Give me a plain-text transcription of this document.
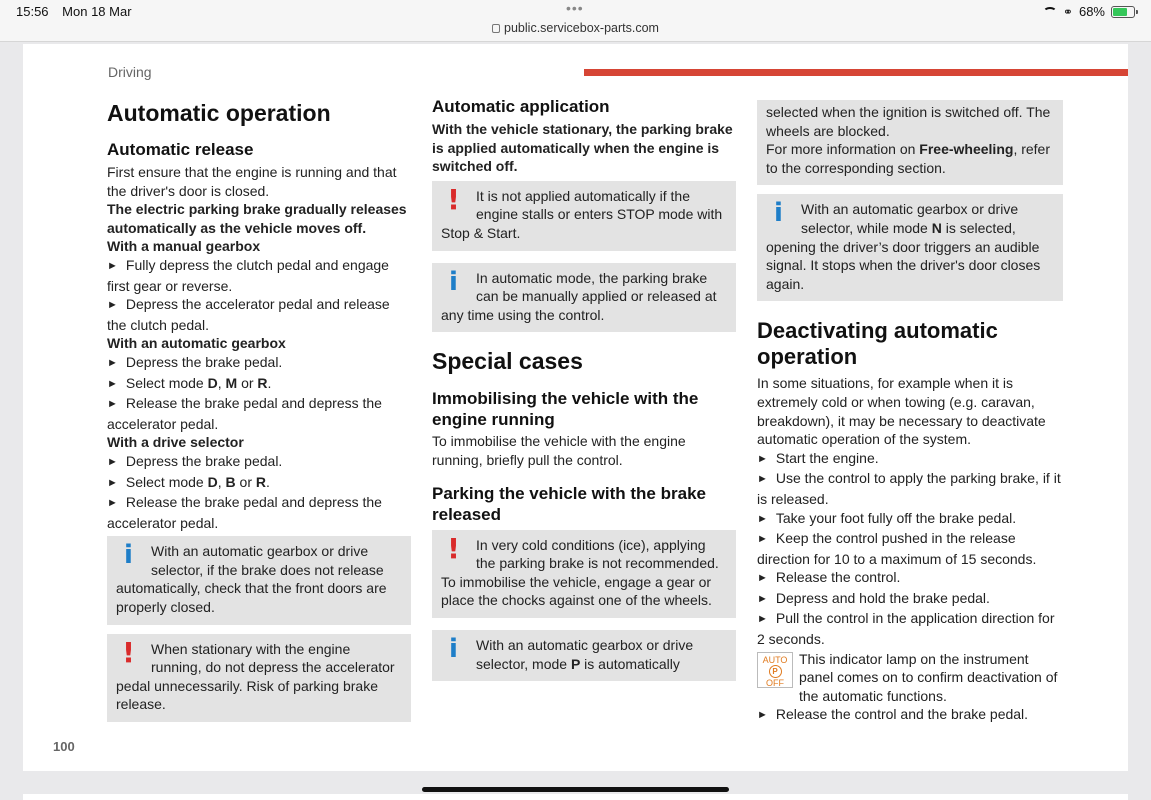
15:56 Mon 18 Mar	•••
public.servicebox-parts.com
⚭ 68%
Driving
Automatic operation
Automatic release
First ensure that the engine is running and that the driver's door is closed.
The electric parking brake gradually releases automatically as the vehicle moves off.
With a manual gearbox
► Fully depress the clutch pedal and engage first gear or reverse.
► Depress the accelerator pedal and release the clutch pedal.
With an automatic gearbox
► Depress the brake pedal.
► Select mode D, M or R.
► Release the brake pedal and depress the accelerator pedal.
With a drive selector
► Depress the brake pedal.
► Select mode D, B or R.
► Release the brake pedal and depress the accelerator pedal.
i
With an automatic gearbox or drive selector, if the brake does not release automatically, check that the front doors are properly closed.
!
When stationary with the engine running, do not depress the accelerator pedal unnecessarily. Risk of parking brake release.
Automatic application
With the vehicle stationary, the parking brake is applied automatically when the engine is switched off.
!
It is not applied automatically if the engine stalls or enters STOP mode with Stop & Start.
i
In automatic mode, the parking brake can be manually applied or released at any time using the control.
Special cases
Immobilising the vehicle with the engine running
To immobilise the vehicle with the engine running, briefly pull the control.
Parking the vehicle with the brake released
!
In very cold conditions (ice), applying the parking brake is not recommended.
To immobilise the vehicle, engage a gear or place the chocks against one of the wheels.
i
With an automatic gearbox or drive selector, mode P is automatically
selected when the ignition is switched off. The wheels are blocked.
For more information on Free-wheeling, refer to the corresponding section.
i
With an automatic gearbox or drive selector, while mode N is selected, opening the driver’s door triggers an audible signal. It stops when the driver's door closes again.
Deactivating automatic operation
In some situations, for example when it is extremely cold or when towing (e.g. caravan, breakdown), it may be necessary to deactivate automatic operation of the system.
► Start the engine.
► Use the control to apply the parking brake, if it is released.
► Take your foot fully off the brake pedal.
► Keep the control pushed in the release direction for 10 to a maximum of 15 seconds.
► Release the control.
► Depress and hold the brake pedal.
► Pull the control in the application direction for 2 seconds.
AUTO
P
OFF
This indicator lamp on the instrument panel comes on to confirm deactivation of the automatic functions.
► Release the control and the brake pedal.
100
